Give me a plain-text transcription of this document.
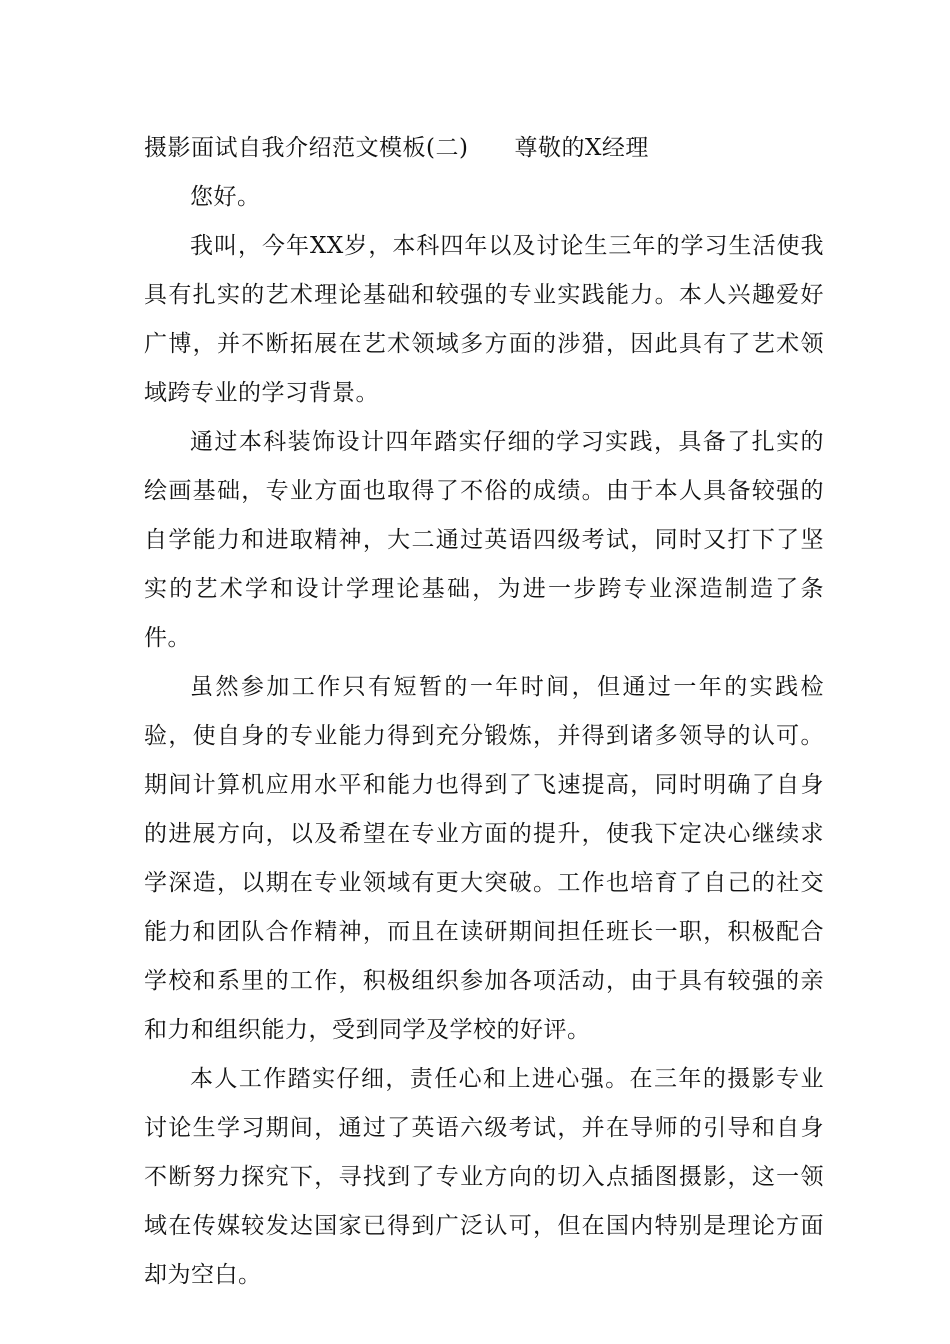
摄影面试自我介绍范文模板(二) 尊敬的X经理

您好。

我叫，今年XX岁，本科四年以及讨论生三年的学习生活使我具有扎实的艺术理论基础和较强的专业实践能力。本人兴趣爱好广博，并不断拓展在艺术领域多方面的涉猎，因此具有了艺术领域跨专业的学习背景。

通过本科装饰设计四年踏实仔细的学习实践，具备了扎实的绘画基础，专业方面也取得了不俗的成绩。由于本人具备较强的自学能力和进取精神，大二通过英语四级考试，同时又打下了坚实的艺术学和设计学理论基础，为进一步跨专业深造制造了条件。

虽然参加工作只有短暂的一年时间，但通过一年的实践检验，使自身的专业能力得到充分锻炼，并得到诸多领导的认可。期间计算机应用水平和能力也得到了飞速提高，同时明确了自身的进展方向，以及希望在专业方面的提升，使我下定决心继续求学深造，以期在专业领域有更大突破。工作也培育了自己的社交能力和团队合作精神，而且在读研期间担任班长一职，积极配合学校和系里的工作，积极组织参加各项活动，由于具有较强的亲和力和组织能力，受到同学及学校的好评。

本人工作踏实仔细，责任心和上进心强。在三年的摄影专业讨论生学习期间，通过了英语六级考试，并在导师的引导和自身不断努力探究下，寻找到了专业方向的切入点插图摄影，这一领域在传媒较发达国家已得到广泛认可，但在国内特别是理论方面却为空白。
